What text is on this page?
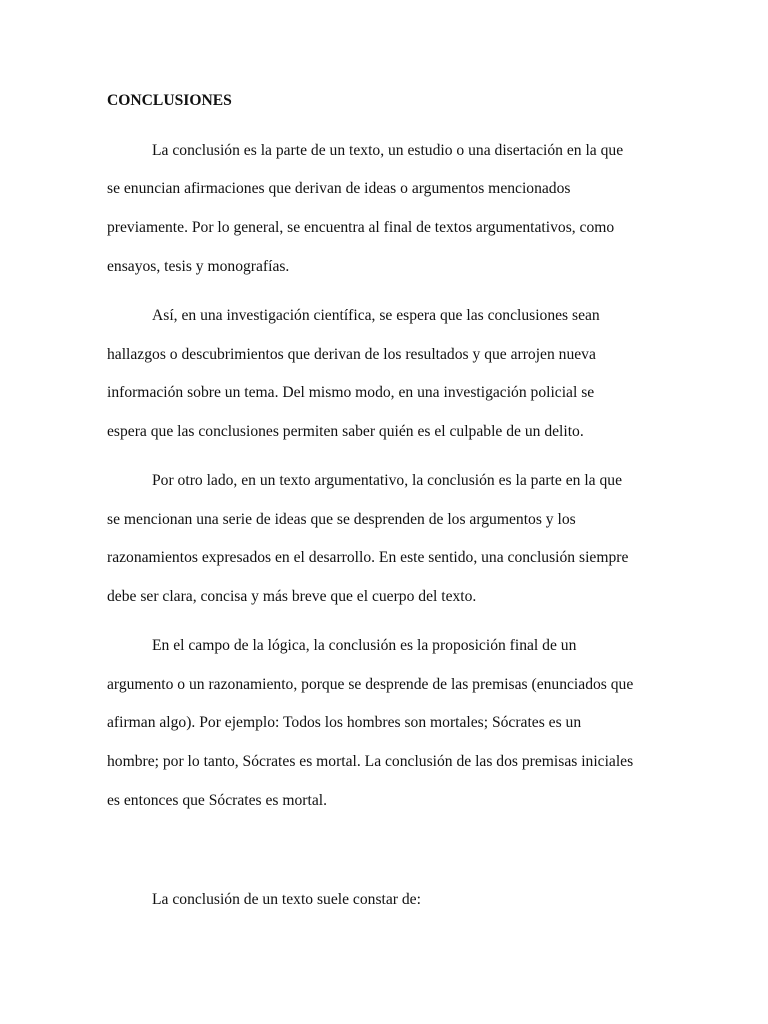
CONCLUSIONES
La conclusión es la parte de un texto, un estudio o una disertación en la que
se enuncian afirmaciones que derivan de ideas o argumentos mencionados
previamente. Por lo general, se encuentra al final de textos argumentativos, como
ensayos, tesis y monografías.
Así, en una investigación científica, se espera que las conclusiones sean
hallazgos o descubrimientos que derivan de los resultados y que arrojen nueva
información sobre un tema. Del mismo modo, en una investigación policial se
espera que las conclusiones permiten saber quién es el culpable de un delito.
Por otro lado, en un texto argumentativo, la conclusión es la parte en la que
se mencionan una serie de ideas que se desprenden de los argumentos y los
razonamientos expresados en el desarrollo. En este sentido, una conclusión siempre
debe ser clara, concisa y más breve que el cuerpo del texto.
En el campo de la lógica, la conclusión es la proposición final de un
argumento o un razonamiento, porque se desprende de las premisas (enunciados que
afirman algo). Por ejemplo: Todos los hombres son mortales; Sócrates es un
hombre; por lo tanto, Sócrates es mortal. La conclusión de las dos premisas iniciales
es entonces que Sócrates es mortal.
La conclusión de un texto suele constar de:
